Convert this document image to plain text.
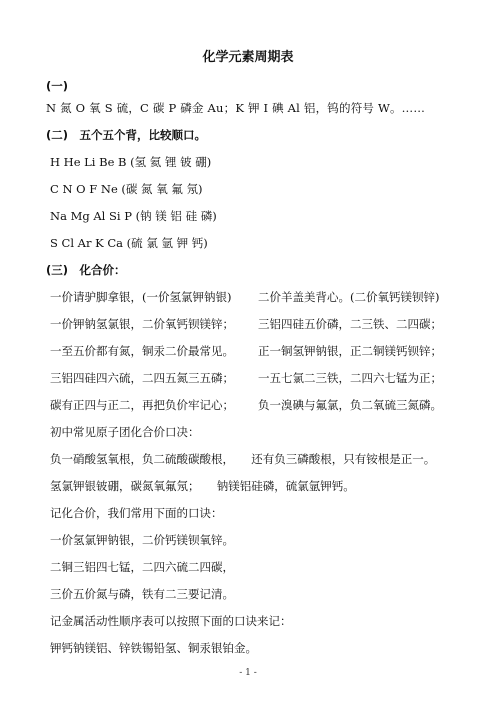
化学元素周期表
(一)
N 氮 O 氧 S 硫，C 碳 P 磷金 Au；K 钾 I 碘 Al 铝，钨的符号 W。……
(二)　五个五个背，比较顺口。
H He Li Be B (氢 氦 锂 铍 硼)
C N O F Ne (碳 氮 氧 氟 氖)
Na Mg Al Si P (钠 镁 铝 硅 磷)
S Cl Ar K Ca (硫 氯 氩 钾 钙)
(三)　化合价：
一价请驴脚拿银，(一价氢氯钾钠银) 二价羊盖美背心。(二价氧钙镁钡锌)
一价钾钠氢氯银，二价氧钙钡镁锌； 三铝四硅五价磷，二三铁、二四碳；
一至五价都有氮，铜汞二价最常见。 正一铜氢钾钠银，正二铜镁钙钡锌；
三铝四硅四六硫，二四五氮三五磷； 一五七氯二三铁，二四六七锰为正；
碳有正四与正二，再把负价牢记心； 负一溴碘与氟氯，负二氧硫三氮磷。
初中常见原子团化合价口决：
负一硝酸氢氧根，负二硫酸碳酸根，　　还有负三磷酸根，只有铵根是正一。
氢氯钾银铍硼，碳氮氧氟氖；　　钠镁铝硅磷，硫氯氩钾钙。
记化合价，我们常用下面的口诀：
一价氢氯钾钠银，二价钙镁钡氧锌。
二铜三铝四七锰，二四六硫二四碳，
三价五价氮与磷，铁有二三要记清。
记金属活动性顺序表可以按照下面的口诀来记：
钾钙钠镁铝、锌铁锡铅氢、铜汞银铂金。
- 1 -
